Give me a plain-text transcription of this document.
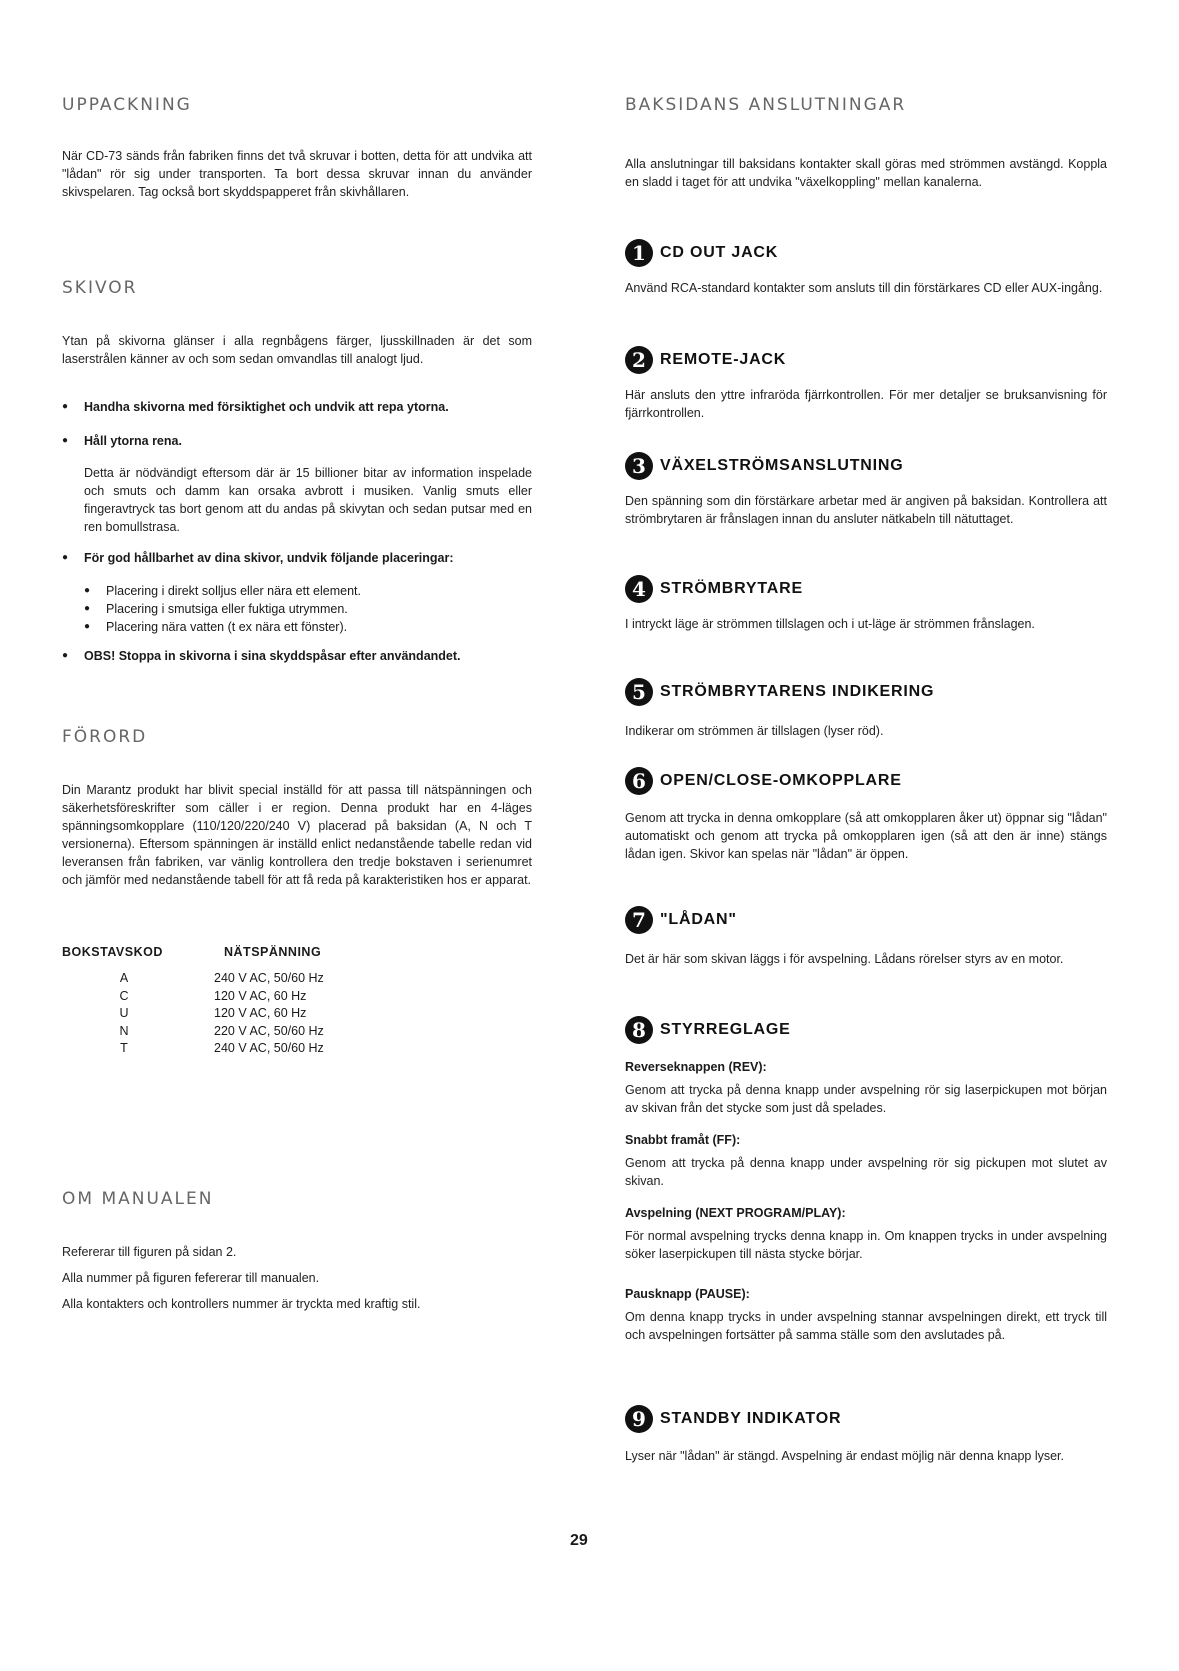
UPPACKNING

När CD-73 sänds från fabriken finns det två skruvar i botten, detta för att undvika att "lådan" rör sig under transporten. Ta bort dessa skruvar innan du använder skivspelaren. Tag också bort skyddspapperet från skivhållaren.

SKIVOR

Ytan på skivorna glänser i alla regnbågens färger, ljusskillnaden är det som laserstrålen känner av och som sedan omvandlas till analogt ljud.

● Handha skivorna med försiktighet och undvik att repa ytorna.

● Håll ytorna rena.

Detta är nödvändigt eftersom där är 15 billioner bitar av information inspelade och smuts och damm kan orsaka avbrott i musiken. Vanlig smuts eller fingeravtryck tas bort genom att du andas på skivytan och sedan putsar med en ren bomullstrasa.

● För god hållbarhet av dina skivor, undvik följande placeringar:

● Placering i direkt solljus eller nära ett element.

● Placering i smutsiga eller fuktiga utrymmen.

● Placering nära vatten (t ex nära ett fönster).

● OBS! Stoppa in skivorna i sina skyddspåsar efter användandet.

FÖRORD

Din Marantz produkt har blivit special inställd för att passa till nätspänningen och säkerhetsföreskrifter som cäller i er region. Denna produkt har en 4-läges spänningsomkopplare (110/120/220/240 V) placerad på baksidan (A, N och T versionerna). Eftersom spänningen är inställd enlict nedanstående tabelle redan vid leveransen från fabriken, var vänlig kontrollera den tredje bokstaven i serienumret och jämför med nedanstående tabell för att få reda på karakteristiken hos er apparat.

BOKSTAVSKOD	NÄTSPÄNNING
A	240 V AC, 50/60 Hz
C	120 V AC, 60 Hz
U	120 V AC, 60 Hz
N	220 V AC, 50/60 Hz
T	240 V AC, 50/60 Hz
OM MANUALEN

Refererar till figuren på sidan 2.

Alla nummer på figuren fefererar till manualen.

Alla kontakters och kontrollers nummer är tryckta med kraftig stil.

BAKSIDANS ANSLUTNINGAR

Alla anslutningar till baksidans kontakter skall göras med strömmen avstängd. Koppla en sladd i taget för att undvika "växelkoppling" mellan kanalerna.

1 CD OUT JACK

Använd RCA-standard kontakter som ansluts till din förstärkares CD eller AUX-ingång.

2 REMOTE-JACK

Här ansluts den yttre infraröda fjärrkontrollen. För mer detaljer se bruksanvisning för fjärrkontrollen.

3 VÄXELSTRÖMSANSLUTNING

Den spänning som din förstärkare arbetar med är angiven på baksidan. Kontrollera att strömbrytaren är frånslagen innan du ansluter nätkabeln till nätuttaget.

4 STRÖMBRYTARE

I intryckt läge är strömmen tillslagen och i ut-läge är strömmen frånslagen.

5 STRÖMBRYTARENS INDIKERING

Indikerar om strömmen är tillslagen (lyser röd).

6 OPEN/CLOSE-OMKOPPLARE

Genom att trycka in denna omkopplare (så att omkopplaren åker ut) öppnar sig "lådan" automatiskt och genom att trycka på omkopplaren igen (så att den är inne) stängs lådan igen. Skivor kan spelas när "lådan" är öppen.

7 "LÅDAN"

Det är här som skivan läggs i för avspelning. Lådans rörelser styrs av en motor.

8 STYRREGLAGE

Reverseknappen (REV):

Genom att trycka på denna knapp under avspelning rör sig laserpickupen mot början av skivan från det stycke som just då spelades.

Snabbt framåt (FF):

Genom att trycka på denna knapp under avspelning rör sig pickupen mot slutet av skivan.

Avspelning (NEXT PROGRAM/PLAY):

För normal avspelning trycks denna knapp in. Om knappen trycks in under avspelning söker laserpickupen till nästa stycke börjar.

Pausknapp (PAUSE):

Om denna knapp trycks in under avspelning stannar avspelningen direkt, ett tryck till och avspelningen fortsätter på samma ställe som den avslutades på.

9 STANDBY INDIKATOR

Lyser när "lådan" är stängd. Avspelning är endast möjlig när denna knapp lyser.

29
